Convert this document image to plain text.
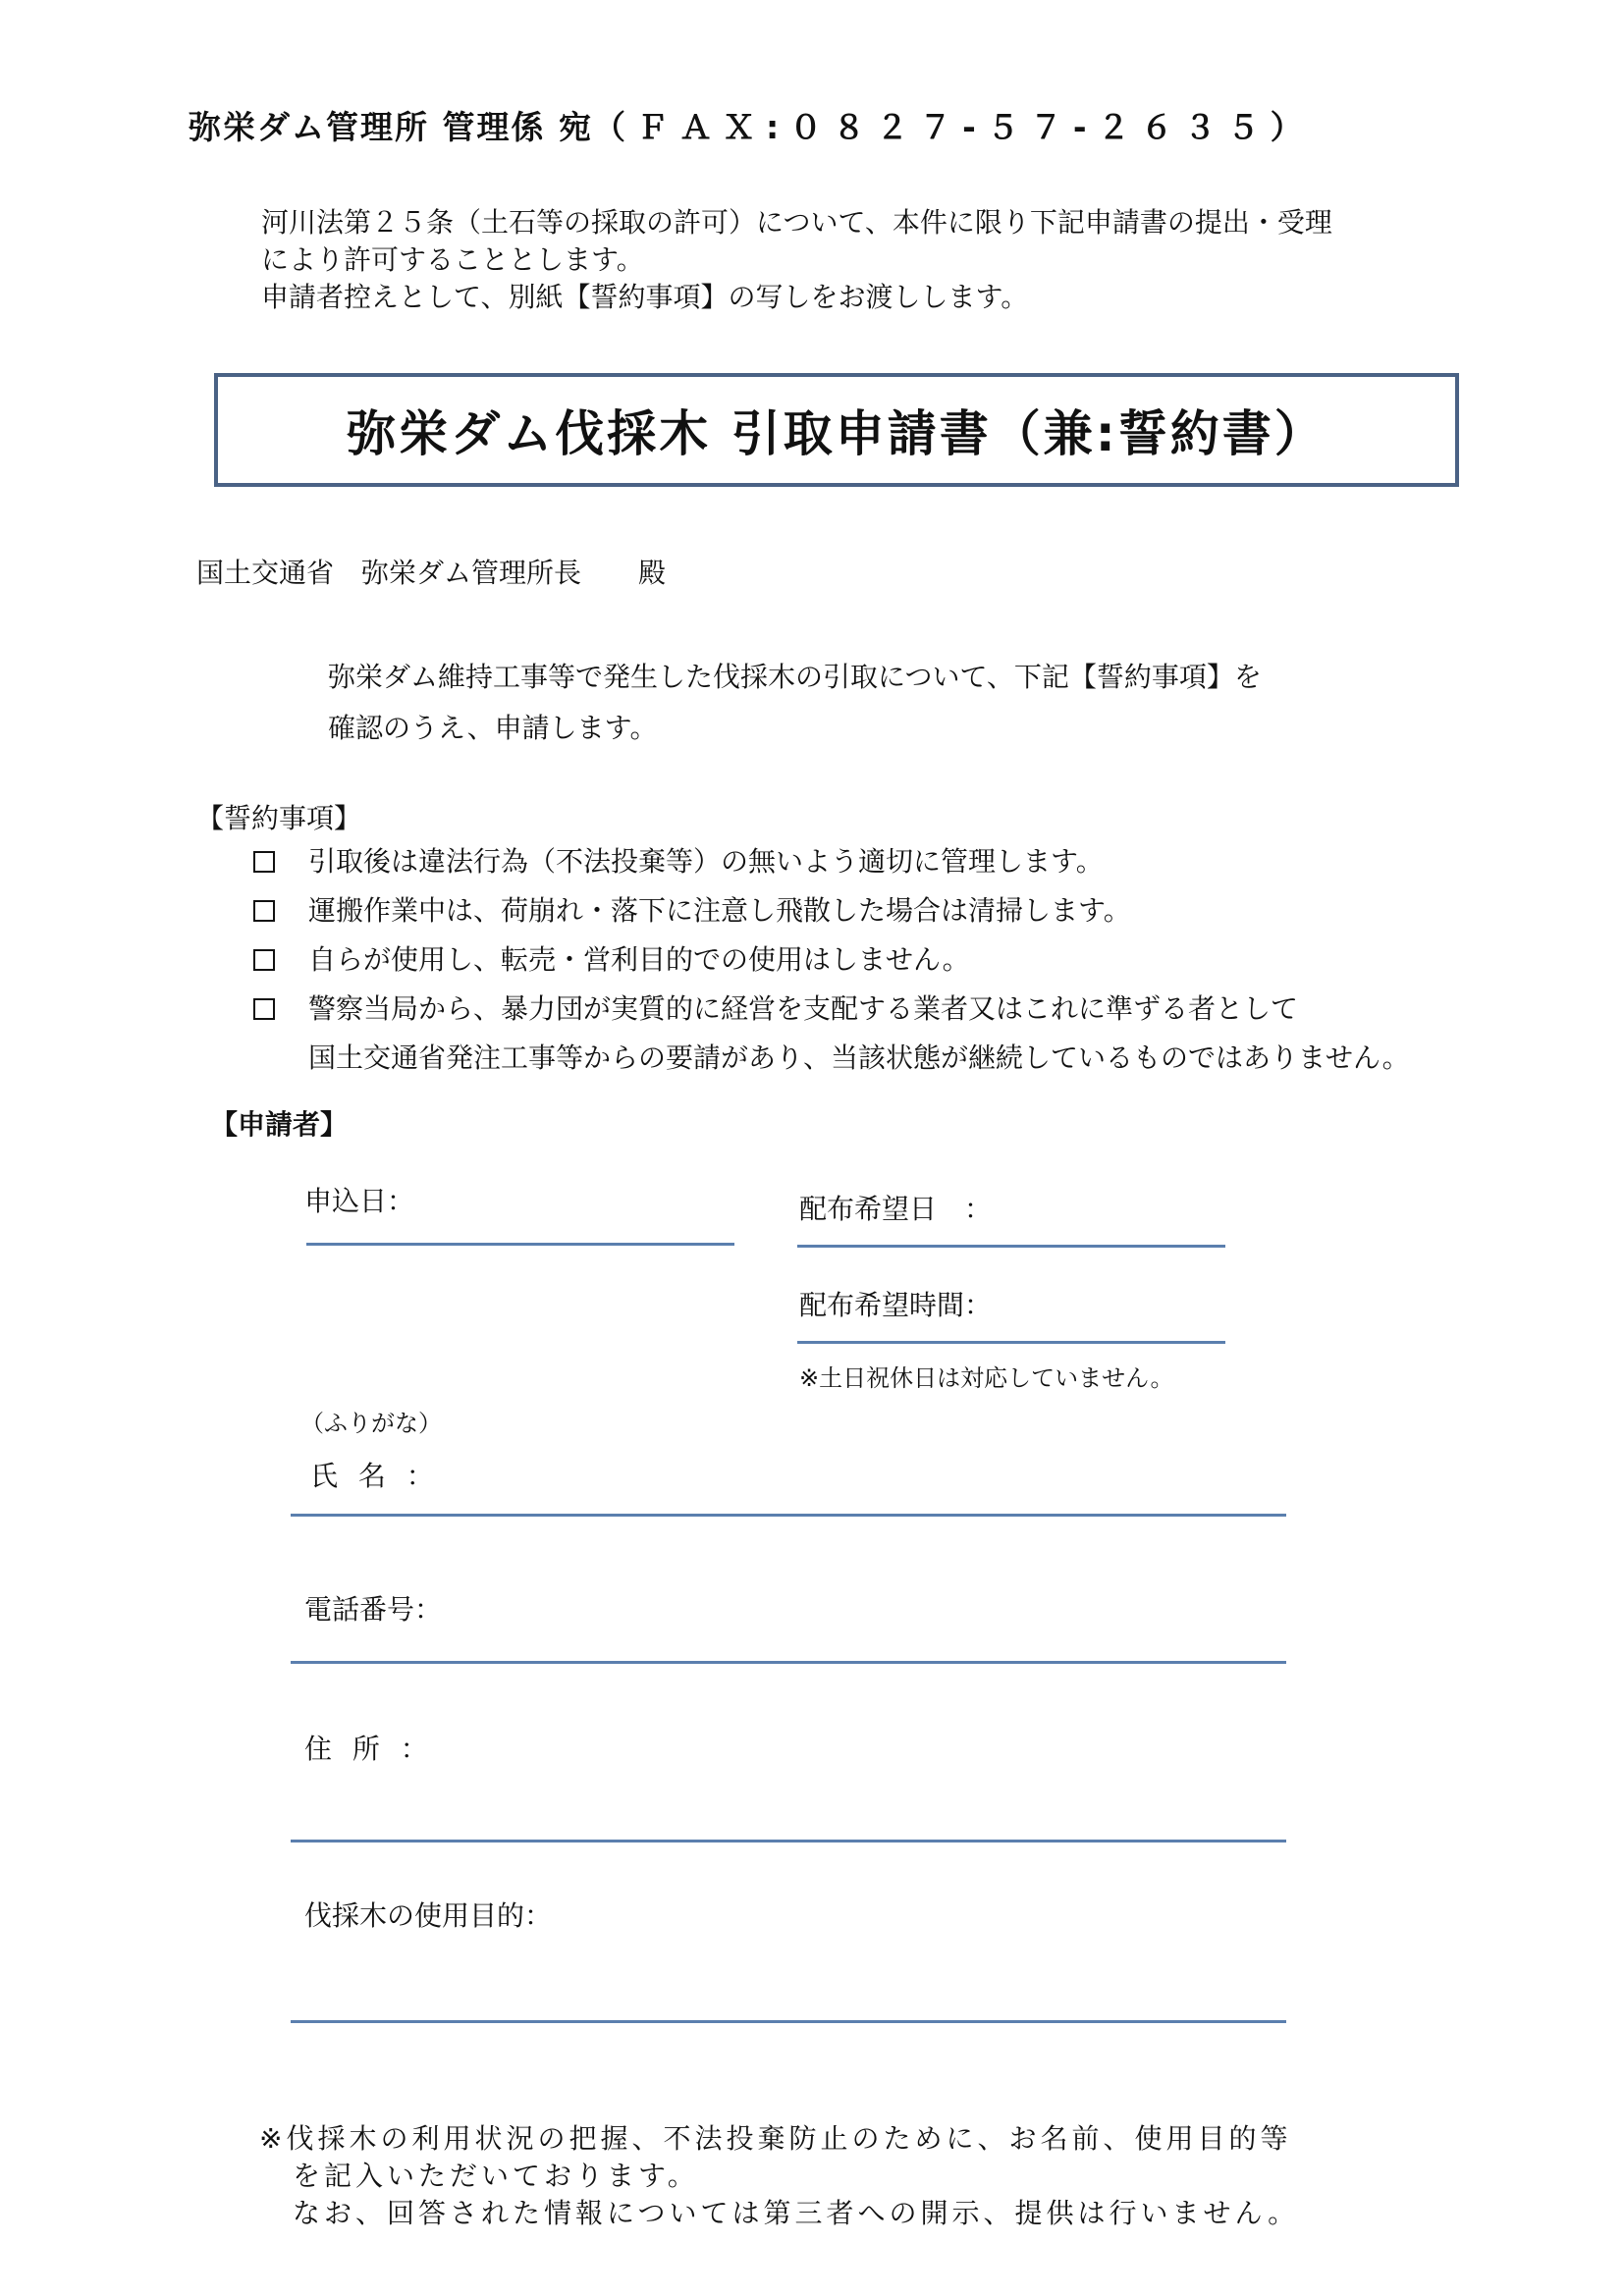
弥栄ダム管理所 管理係 宛（ＦＡＸ:０８２７-５７-２６３５）
河川法第２５条（土石等の採取の許可）について、本件に限り下記申請書の提出・受理
により許可することとします。
申請者控えとして、別紙【誓約事項】の写しをお渡しします。
弥栄ダム伐採木 引取申請書（兼:誓約書）
国土交通省　弥栄ダム管理所長 殿
弥栄ダム維持工事等で発生した伐採木の引取について、下記【誓約事項】を
確認のうえ、申請します。
【誓約事項】
引取後は違法行為（不法投棄等）の無いよう適切に管理します。
運搬作業中は、荷崩れ・落下に注意し飛散した場合は清掃します。
自らが使用し、転売・営利目的での使用はしません。
警察当局から、暴力団が実質的に経営を支配する業者又はこれに準ずる者として
国土交通省発注工事等からの要請があり、当該状態が継続しているものではありません。
【申請者】
申込日：	配布希望日　：
配布希望時間：
※土日祝休日は対応していません。
（ふりがな）
氏 名 ：
電話番号：
住 所 ：
伐採木の使用目的：
※伐採木の利用状況の把握、不法投棄防止のために、お名前、使用目的等
を記入いただいております。
なお、回答された情報については第三者への開示、提供は行いません。
